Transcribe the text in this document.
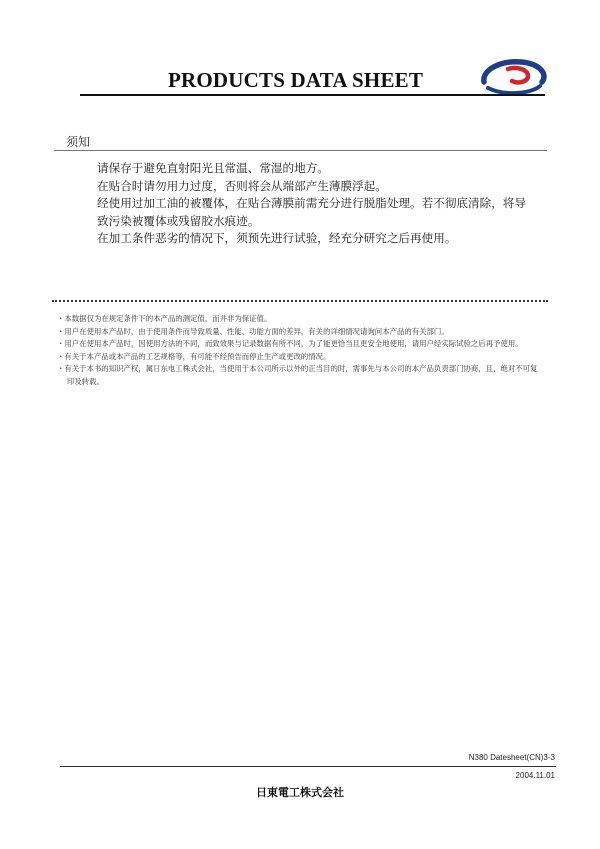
PRODUCTS DATA SHEET
须知
请保存于避免直射阳光且常温、常湿的地方。
在贴合时请勿用力过度，否则将会从端部产生薄膜浮起。
经使用过加工油的被覆体，在贴合薄膜前需充分进行脱脂处理。若不彻底清除，将导
致污染被覆体或残留胶水痕迹。
在加工条件恶劣的情况下，须预先进行试验，经充分研究之后再使用。
・本数据仅为在规定条件下的本产品的测定值，而并非为保证值。
・用户在使用本产品时，由于使用条件而导致质量、性能、功能方面的差异，有关的详细情况请询问本产品的有关部门。
・用户在使用本产品时，因使用方法的不同，而致效果与记录数据有所不同，为了能更恰当且更安全地使用，请用户经实际试验之后再予使用。
・有关于本产品或本产品的工艺规格等，有可能不经预告而停止生产或更改的情况。
・有关于本书的知识产权，属日东电工株式会社，当使用于本公司所示以外的正当目的时，需事先与本公司的本产品负责部门协商，且，绝对不可复印及转载。
N380 Datesheet(CN)3-3
2004.11.01
日東電工株式会社
